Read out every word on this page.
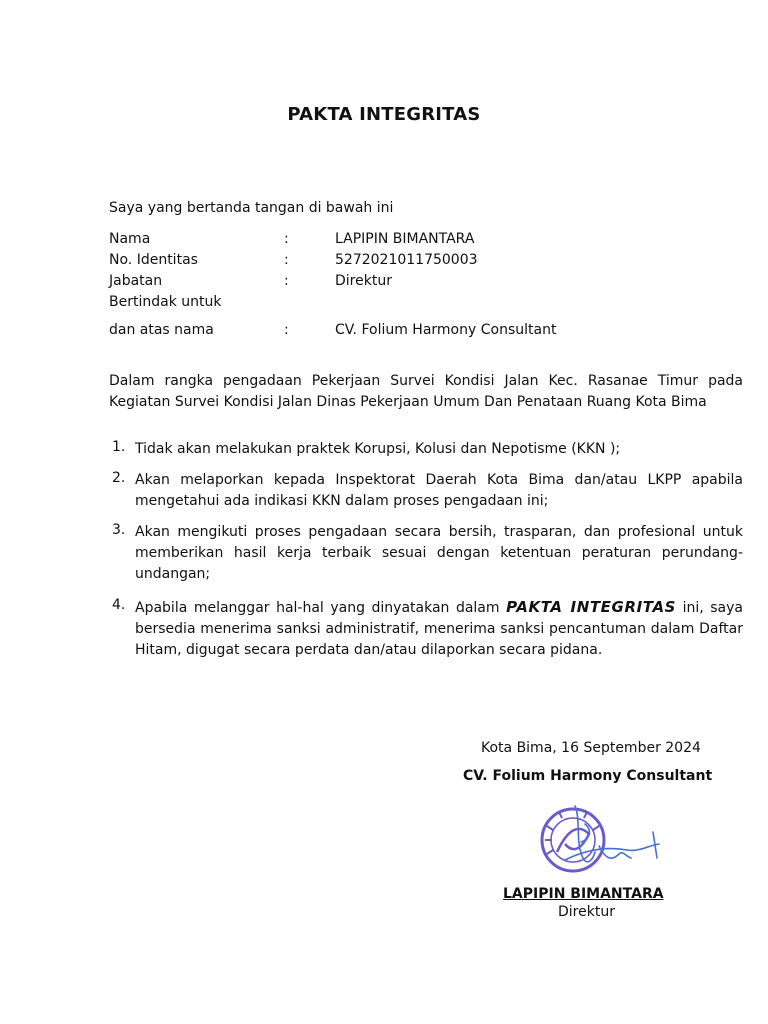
PAKTA INTEGRITAS
Saya yang bertanda tangan di bawah ini
Nama	:	LAPIPIN BIMANTARA
No. Identitas	:	5272021011750003
Jabatan	:	Direktur
Bertindak untuk
dan atas nama	:	CV. Folium Harmony Consultant
Dalam rangka pengadaan Pekerjaan Survei Kondisi Jalan Kec. Rasanae Timur pada Kegiatan Survei Kondisi Jalan Dinas Pekerjaan Umum Dan Penataan Ruang Kota Bima
1. Tidak akan melakukan praktek Korupsi, Kolusi dan Nepotisme (KKN );
2. Akan melaporkan kepada Inspektorat Daerah Kota Bima dan/atau LKPP apabila mengetahui ada indikasi KKN dalam proses pengadaan ini;
3. Akan mengikuti proses pengadaan secara bersih, trasparan, dan profesional untuk memberikan hasil kerja terbaik sesuai dengan ketentuan peraturan perundang-undangan;
4. Apabila melanggar hal-hal yang dinyatakan dalam PAKTA INTEGRITAS ini, saya bersedia menerima sanksi administratif, menerima sanksi pencantuman dalam Daftar Hitam, digugat secara perdata dan/atau dilaporkan secara pidana.
Kota Bima, 16 September 2024
CV. Folium Harmony Consultant
LAPIPIN BIMANTARA
Direktur
